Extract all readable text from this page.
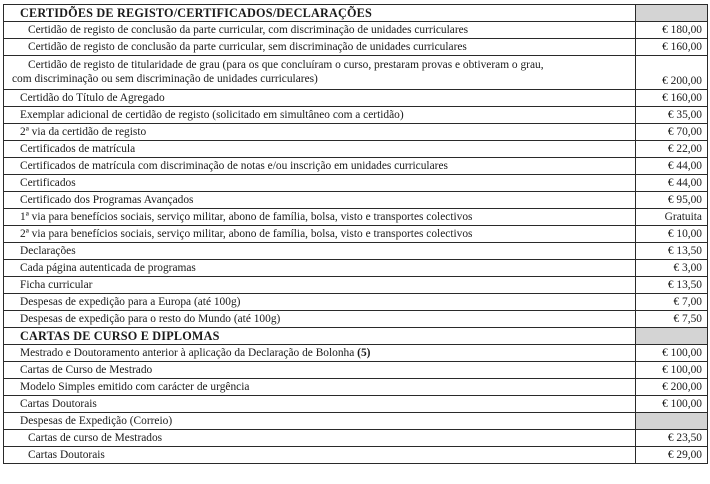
CERTIDÕES DE REGISTO/CERTIFICADOS/DECLARAÇÕES	
Certidão de registo de conclusão da parte curricular, com discriminação de unidades curriculares	€ 180,00
Certidão de registo de conclusão da parte curricular, sem discriminação de unidades curriculares	€ 160,00
Certidão de registo de titularidade de grau (para os que concluíram o curso, prestaram provas e obtiveram o grau,
com discriminação ou sem discriminação de unidades curriculares)	€ 200,00
Certidão do Título de Agregado	€ 160,00
Exemplar adicional de certidão de registo (solicitado em simultâneo com a certidão)	€ 35,00
2ª via da certidão de registo	€ 70,00
Certificados de matrícula	€ 22,00
Certificados de matrícula com discriminação de notas e/ou inscrição em unidades curriculares	€ 44,00
Certificados	€ 44,00
Certificado dos Programas Avançados	€ 95,00
1ª via para benefícios sociais, serviço militar, abono de família, bolsa, visto e transportes colectivos	Gratuita
2ª via para benefícios sociais, serviço militar, abono de família, bolsa, visto e transportes colectivos	€ 10,00
Declarações	€ 13,50
Cada página autenticada de programas	€ 3,00
Ficha curricular	€ 13,50
Despesas de expedição para a Europa (até 100g)	€ 7,00
Despesas de expedição para o resto do Mundo (até 100g)	€ 7,50
CARTAS DE CURSO E DIPLOMAS	
Mestrado e Doutoramento anterior à aplicação da Declaração de Bolonha (5)	€ 100,00
Cartas de Curso de Mestrado	€ 100,00
Modelo Simples emitido com carácter de urgência	€ 200,00
Cartas Doutorais	€ 100,00
Despesas de Expedição (Correio)	
Cartas de curso de Mestrados	€ 23,50
Cartas Doutorais	€ 29,00
